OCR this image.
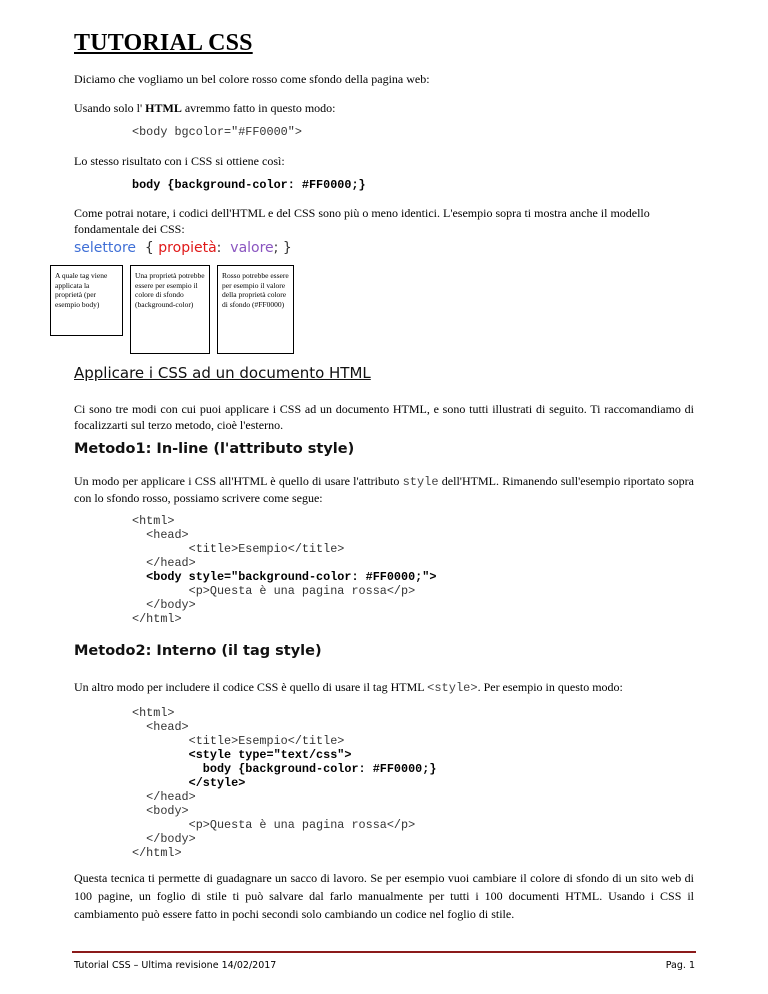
TUTORIAL CSS

Diciamo che vogliamo un bel colore rosso come sfondo della pagina web:

Usando solo l' HTML avremmo fatto in questo modo:

<body bgcolor="#FF0000">

Lo stesso risultato con i CSS si ottiene così:

body {background-color: #FF0000;}

Come potrai notare, i codici dell'HTML e del CSS sono più o meno identici. L'esempio sopra ti mostra anche il modello
fondamentale dei CSS:

selettore { propietà: valore; }
A quale tag viene applicata la proprietà (per esempio body)
Una proprietà potrebbe essere per esempio il colore di sfondo (background-color)
Rosso potrebbe essere per esempio il valore della proprietà colore di sfondo (#FF0000)
Applicare i CSS ad un documento HTML

Ci sono tre modi con cui puoi applicare i CSS ad un documento HTML, e sono tutti illustrati di seguito. Ti raccomandiamo di focalizzarti sul terzo metodo, cioè l'esterno.

Metodo1: In-line (l'attributo style)

Un modo per applicare i CSS all'HTML è quello di usare l'attributo style dell'HTML. Rimanendo sull'esempio riportato sopra con lo sfondo rosso, possiamo scrivere come segue:

<html>
<head>
<title>Esempio</title>
</head>
<body style="background-color: #FF0000;">
<p>Questa è una pagina rossa</p>
</body>
</html>
Metodo2: Interno (il tag style)

Un altro modo per includere il codice CSS è quello di usare il tag HTML <style>. Per esempio in questo modo:

<html>
<head>
<title>Esempio</title>
<style type="text/css">
body {background-color: #FF0000;}
</style>
</head>
<body>
<p>Questa è una pagina rossa</p>
</body>
</html>

Questa tecnica ti permette di guadagnare un sacco di lavoro. Se per esempio vuoi cambiare il colore di sfondo di un sito web di 100 pagine, un foglio di stile ti può salvare dal farlo manualmente per tutti i 100 documenti HTML. Usando i CSS il cambiamento può essere fatto in pochi secondi solo cambiando un codice nel foglio di stile.

Tutorial CSS – Ultima revisione 14/02/2017	Pag. 1
